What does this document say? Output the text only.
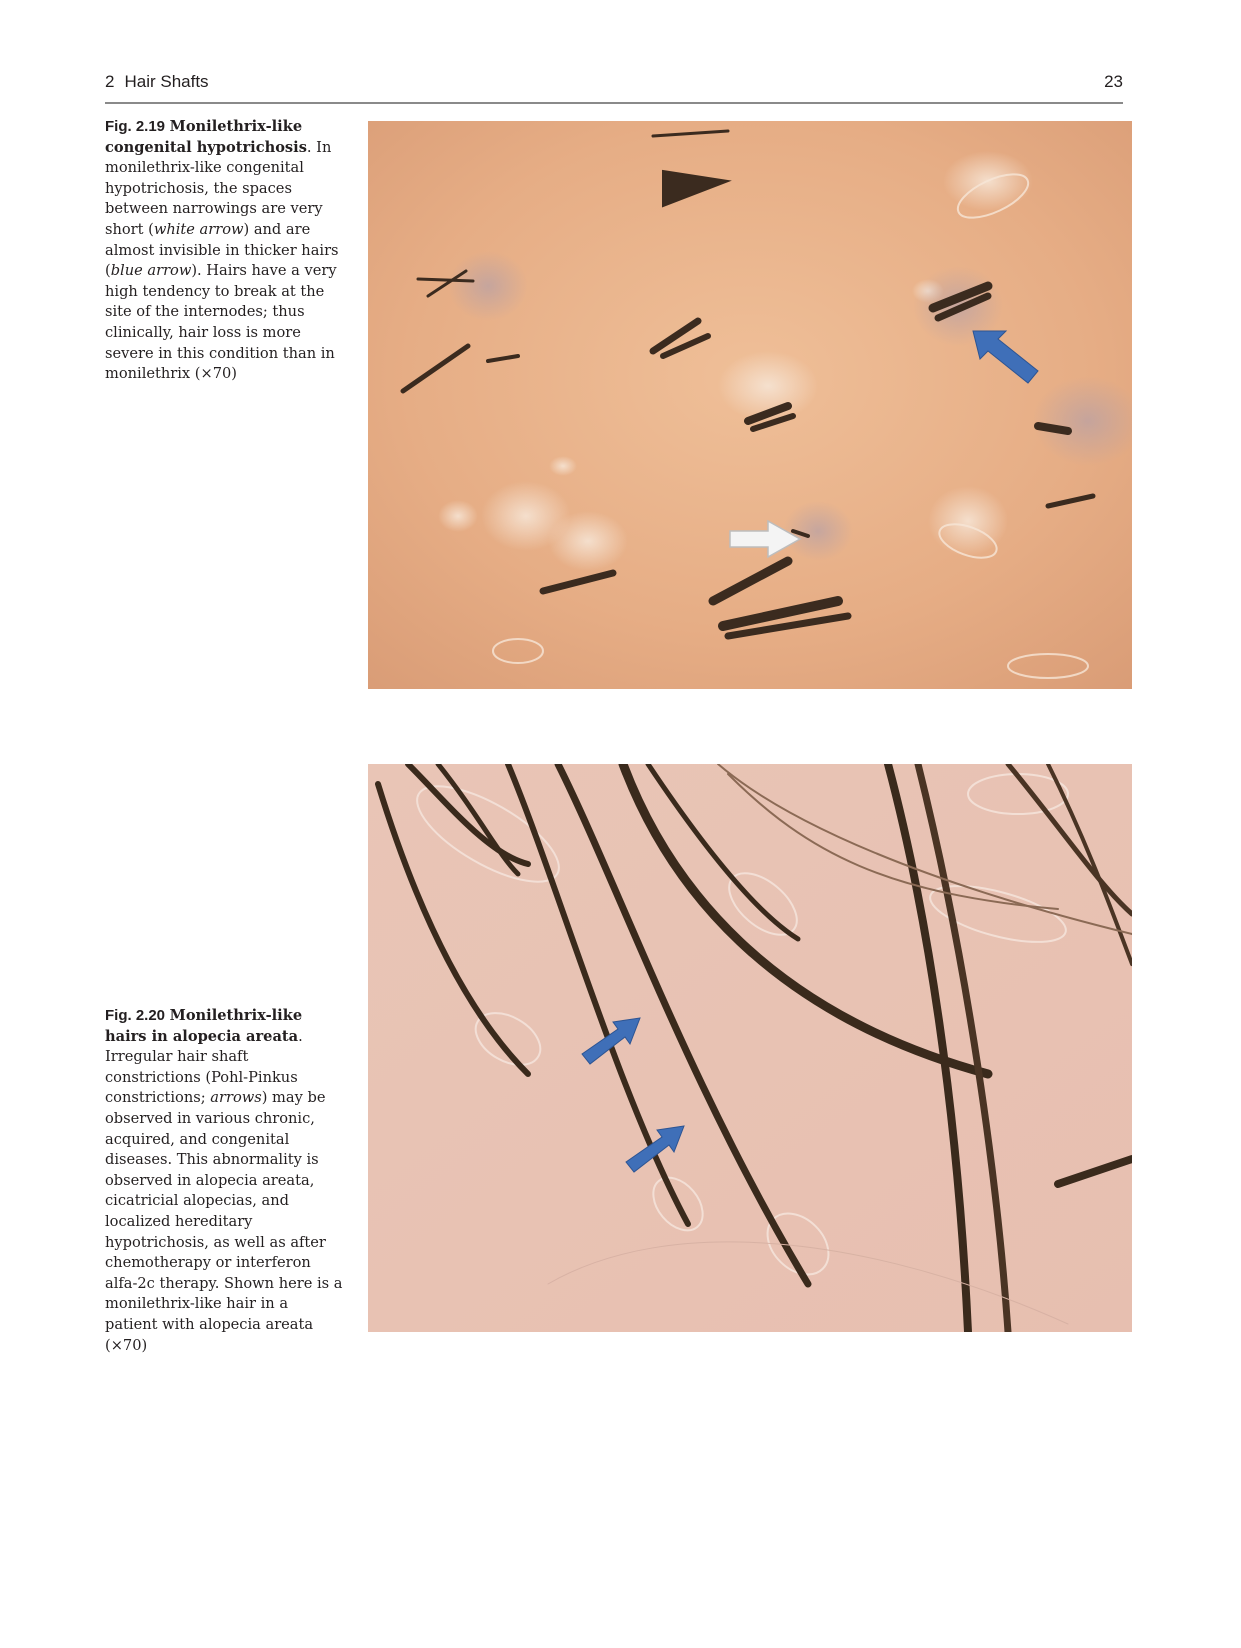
2 Hair Shafts	23
Fig. 2.19 Monilethrix-like congenital hypotrichosis. In monilethrix-like congenital hypotrichosis, the spaces between narrowings are very short (white arrow) and are almost invisible in thicker hairs (blue arrow). Hairs have a very high tendency to break at the site of the internodes; thus clinically, hair loss is more severe in this condition than in monilethrix (×70)
Fig. 2.20 Monilethrix-like hairs in alopecia areata. Irregular hair shaft constrictions (Pohl-Pinkus constrictions; arrows) may be observed in various chronic, acquired, and congenital diseases. This abnormality is observed in alopecia areata, cicatricial alopecias, and localized hereditary hypotrichosis, as well as after chemotherapy or interferon alfa-2c therapy. Shown here is a monilethrix-like hair in a patient with alopecia areata (×70)
